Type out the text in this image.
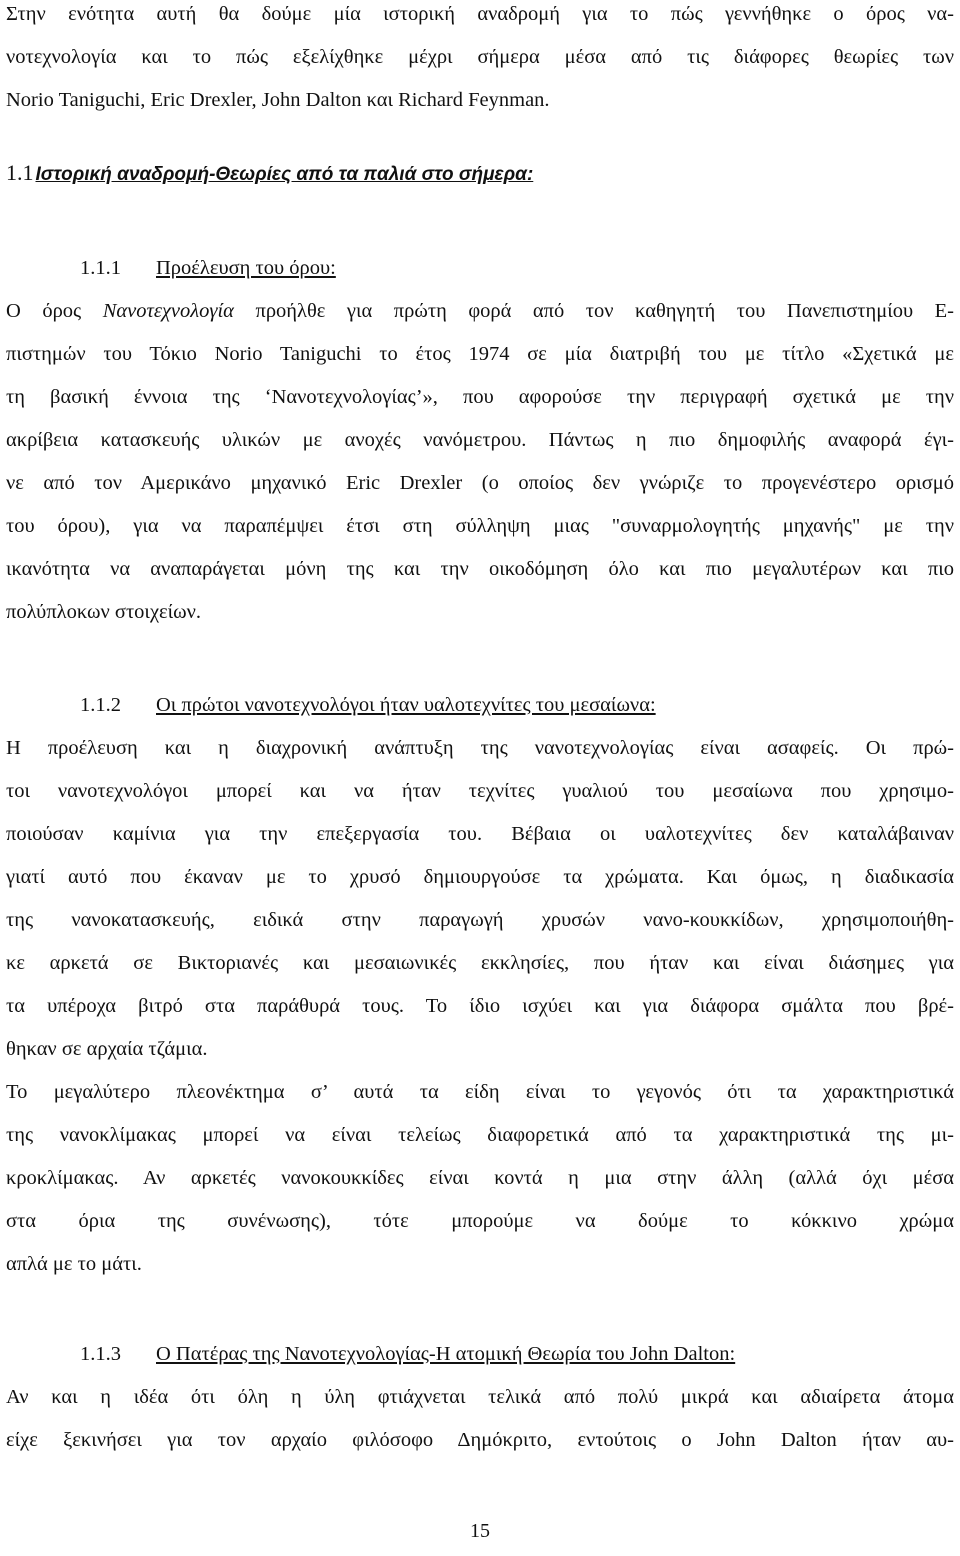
Στην ενότητα αυτή θα δούμε μία ιστορική αναδρομή για το πώς γεννήθηκε ο όρος να-
νοτεχνολογία και το πώς εξελίχθηκε μέχρι σήμερα μέσα από τις διάφορες θεωρίες των
Norio Taniguchi, Eric Drexler, John Dalton και Richard Feynman.
1.1 Ιστορική αναδρομή-Θεωρίες από τα παλιά στο σήμερα:
1.1.1 Προέλευση του όρου:
Ο όρος Νανοτεχνολογία προήλθε για πρώτη φορά από τον καθηγητή του Πανεπιστημίου Ε-
πιστημών του Τόκιο Norio Taniguchi το έτος 1974 σε μία διατριβή του με τίτλο «Σχετικά με
τη βασική έννοια της ‘Νανοτεχνολογίας’», που αφορούσε την περιγραφή σχετικά με την
ακρίβεια κατασκευής υλικών με ανοχές νανόμετρου. Πάντως η πιο δημοφιλής αναφορά έγι-
νε από τον Αμερικάνο μηχανικό Eric Drexler (ο οποίος δεν γνώριζε το προγενέστερο ορισμό
του όρου), για να παραπέμψει έτσι στη σύλληψη μιας "συναρμολογητής μηχανής" με την
ικανότητα να αναπαράγεται μόνη της και την οικοδόμηση όλο και πιο μεγαλυτέρων και πιο
πολύπλοκων στοιχείων.
1.1.2 Οι πρώτοι νανοτεχνολόγοι ήταν υαλοτεχνίτες του μεσαίωνα:
Η προέλευση και η διαχρονική ανάπτυξη της νανοτεχνολογίας είναι ασαφείς. Οι πρώ-
τοι νανοτεχνολόγοι μπορεί και να ήταν τεχνίτες γυαλιού του μεσαίωνα που χρησιμο-
ποιούσαν καμίνια για την επεξεργασία του. Βέβαια οι υαλοτεχνίτες δεν καταλάβαιναν
γιατί αυτό που έκαναν με το χρυσό δημιουργούσε τα χρώματα. Και όμως, η διαδικασία
της νανοκατασκευής, ειδικά στην παραγωγή χρυσών νανο-κουκκίδων, χρησιμοποιήθη-
κε αρκετά σε Βικτοριανές και μεσαιωνικές εκκλησίες, που ήταν και είναι διάσημες για
τα υπέροχα βιτρό στα παράθυρά τους. Το ίδιο ισχύει και για διάφορα σμάλτα που βρέ-
θηκαν σε αρχαία τζάμια.
Το μεγαλύτερο πλεονέκτημα σ’ αυτά τα είδη είναι το γεγονός ότι τα χαρακτηριστικά
της νανοκλίμακας μπορεί να είναι τελείως διαφορετικά από τα χαρακτηριστικά της μι-
κροκλίμακας. Αν αρκετές νανοκουκκίδες είναι κοντά η μια στην άλλη (αλλά όχι μέσα
στα όρια της συνένωσης), τότε μπορούμε να δούμε το κόκκινο χρώμα
απλά με το μάτι.
1.1.3 Ο Πατέρας της Νανοτεχνολογίας-Η ατομική Θεωρία του John Dalton:
Αν και η ιδέα ότι όλη η ύλη φτιάχνεται τελικά από πολύ μικρά και αδιαίρετα άτομα
είχε ξεκινήσει για τον αρχαίο φιλόσοφο Δημόκριτο, εντούτοις ο John Dalton ήταν αυ-
15
